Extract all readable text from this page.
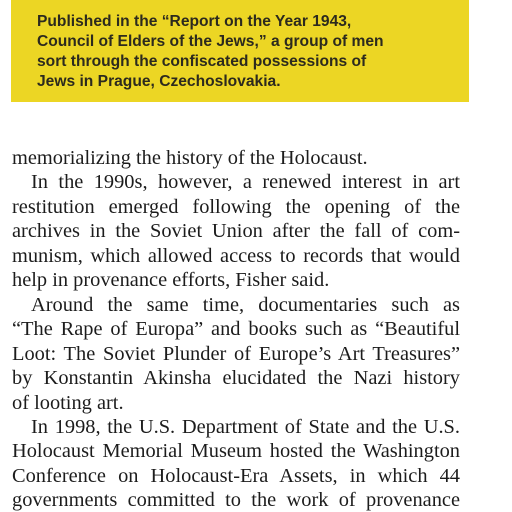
Published in the “Report on the Year 1943,
Council of Elders of the Jews,” a group of men
sort through the confiscated possessions of
Jews in Prague, Czechoslovakia.

memorializing the history of the Holocaust.
In the 1990s, however, a renewed interest in art
restitution emerged following the opening of the
archives in the Soviet Union after the fall of com-
munism, which allowed access to records that would
help in provenance efforts, Fisher said.
Around the same time, documentaries such as
“The Rape of Europa” and books such as “Beautiful
Loot: The Soviet Plunder of Europe’s Art Treasures”
by Konstantin Akinsha elucidated the Nazi history
of looting art.
In 1998, the U.S. Department of State and the U.S.
Holocaust Memorial Museum hosted the Washington
Conference on Holocaust-Era Assets, in which 44
governments committed to the work of provenance
